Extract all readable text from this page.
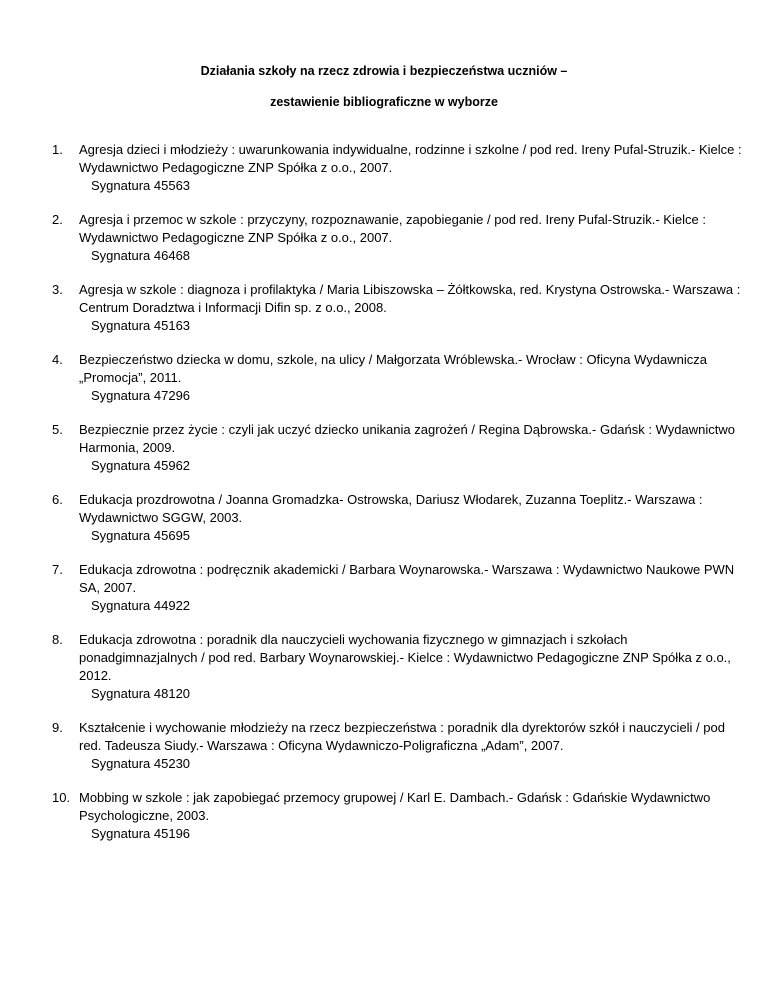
Działania szkoły na rzecz zdrowia i bezpieczeństwa uczniów –
zestawienie bibliograficzne w wyborze
1.	Agresja dzieci i młodzieży : uwarunkowania indywidualne, rodzinne i szkolne / pod red. Ireny Pufal-Struzik.- Kielce : Wydawnictwo Pedagogiczne ZNP Spółka z o.o., 2007.
Sygnatura 45563
2.	Agresja i przemoc w szkole : przyczyny, rozpoznawanie, zapobieganie / pod red. Ireny Pufal-Struzik.- Kielce : Wydawnictwo Pedagogiczne ZNP Spółka z o.o., 2007.
Sygnatura 46468
3.	Agresja w szkole : diagnoza i profilaktyka / Maria Libiszowska – Żółtkowska, red. Krystyna Ostrowska.- Warszawa : Centrum Doradztwa i Informacji Difin sp. z o.o., 2008.
Sygnatura 45163
4.	Bezpieczeństwo dziecka w domu, szkole, na ulicy / Małgorzata Wróblewska.- Wrocław : Oficyna Wydawnicza „Promocja”, 2011.
Sygnatura 47296
5.	Bezpiecznie przez życie : czyli jak uczyć dziecko unikania zagrożeń / Regina Dąbrowska.- Gdańsk : Wydawnictwo Harmonia, 2009.
Sygnatura 45962
6.	Edukacja prozdrowotna / Joanna Gromadzka- Ostrowska, Dariusz Włodarek, Zuzanna Toeplitz.- Warszawa : Wydawnictwo SGGW, 2003.
Sygnatura 45695
7.	Edukacja zdrowotna : podręcznik akademicki / Barbara Woynarowska.- Warszawa : Wydawnictwo Naukowe PWN SA, 2007.
Sygnatura 44922
8.	Edukacja zdrowotna : poradnik dla nauczycieli wychowania fizycznego w gimnazjach i szkołach ponadgimnazjalnych / pod red. Barbary Woynarowskiej.- Kielce : Wydawnictwo Pedagogiczne ZNP Spółka z o.o., 2012.
Sygnatura 48120
9.	Kształcenie i wychowanie młodzieży na rzecz bezpieczeństwa : poradnik dla dyrektorów szkół i nauczycieli / pod red. Tadeusza Siudy.- Warszawa : Oficyna Wydawniczo-Poligraficzna „Adam”, 2007.
Sygnatura 45230
10. Mobbing w szkole : jak zapobiegać przemocy grupowej / Karl E. Dambach.- Gdańsk : Gdańskie Wydawnictwo Psychologiczne, 2003.
Sygnatura 45196
